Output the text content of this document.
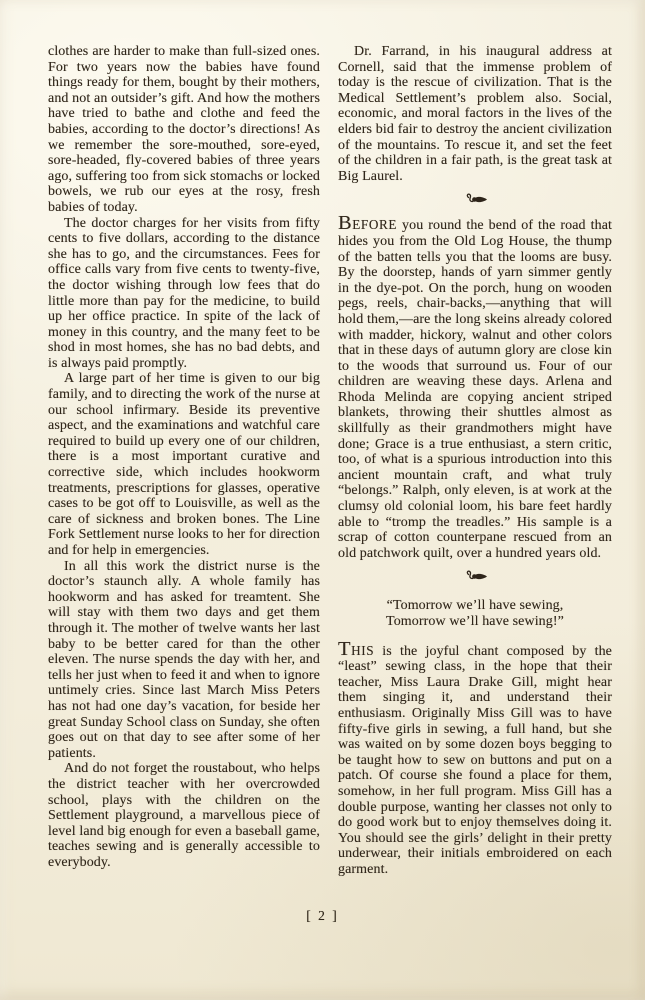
clothes are harder to make than full-sized ones. For two years now the babies have found things ready for them, bought by their mothers, and not an outsider’s gift. And how the mothers have tried to bathe and clothe and feed the babies, according to the doctor’s directions! As we remember the sore-mouthed, sore-eyed, sore-headed, fly-covered babies of three years ago, suffering too from sick stomachs or locked bowels, we rub our eyes at the rosy, fresh babies of today.

The doctor charges for her visits from fifty cents to five dollars, according to the distance she has to go, and the circumstances. Fees for office calls vary from five cents to twenty-five, the doctor wishing through low fees that do little more than pay for the medicine, to build up her office practice. In spite of the lack of money in this country, and the many feet to be shod in most homes, she has no bad debts, and is always paid promptly.

A large part of her time is given to our big family, and to directing the work of the nurse at our school infirmary. Beside its preventive aspect, and the examinations and watchful care required to build up every one of our children, there is a most important curative and corrective side, which includes hookworm treatments, prescriptions for glasses, operative cases to be got off to Louisville, as well as the care of sickness and broken bones. The Line Fork Settlement nurse looks to her for direction and for help in emergencies.

In all this work the district nurse is the doctor’s staunch ally. A whole family has hookworm and has asked for treamtent. She will stay with them two days and get them through it. The mother of twelve wants her last baby to be better cared for than the other eleven. The nurse spends the day with her, and tells her just when to feed it and when to ignore untimely cries. Since last March Miss Peters has not had one day’s vacation, for beside her great Sunday School class on Sunday, she often goes out on that day to see after some of her patients.

And do not forget the roustabout, who helps the district teacher with her overcrowded school, plays with the children on the Settlement playground, a marvellous piece of level land big enough for even a baseball game, teaches sewing and is generally accessible to everybody.

Dr. Farrand, in his inaugural address at Cornell, said that the immense problem of today is the rescue of civilization. That is the Medical Settlement’s problem also. Social, economic, and moral factors in the lives of the elders bid fair to destroy the ancient civilization of the mountains. To rescue it, and set the feet of the children in a fair path, is the great task at Big Laurel.

BEFORE you round the bend of the road that hides you from the Old Log House, the thump of the batten tells you that the looms are busy. By the doorstep, hands of yarn simmer gently in the dye-pot. On the porch, hung on wooden pegs, reels, chair-backs,—anything that will hold them,—are the long skeins already colored with madder, hickory, walnut and other colors that in these days of autumn glory are close kin to the woods that surround us. Four of our children are weaving these days. Arlena and Rhoda Melinda are copying ancient striped blankets, throwing their shuttles almost as skillfully as their grandmothers might have done; Grace is a true enthusiast, a stern critic, too, of what is a spurious introduction into this ancient mountain craft, and what truly “belongs.” Ralph, only eleven, is at work at the clumsy old colonial loom, his bare feet hardly able to “tromp the treadles.” His sample is a scrap of cotton counterpane rescued from an old patchwork quilt, over a hundred years old.

“Tomorrow we’ll have sewing,
Tomorrow we’ll have sewing!”

THIS is the joyful chant composed by the “least” sewing class, in the hope that their teacher, Miss Laura Drake Gill, might hear them singing it, and understand their enthusiasm. Originally Miss Gill was to have fifty-five girls in sewing, a full hand, but she was waited on by some dozen boys begging to be taught how to sew on buttons and put on a patch. Of course she found a place for them, somehow, in her full program. Miss Gill has a double purpose, wanting her classes not only to do good work but to enjoy themselves doing it. You should see the girls’ delight in their pretty underwear, their initials embroidered on each garment.

[ 2 ]
